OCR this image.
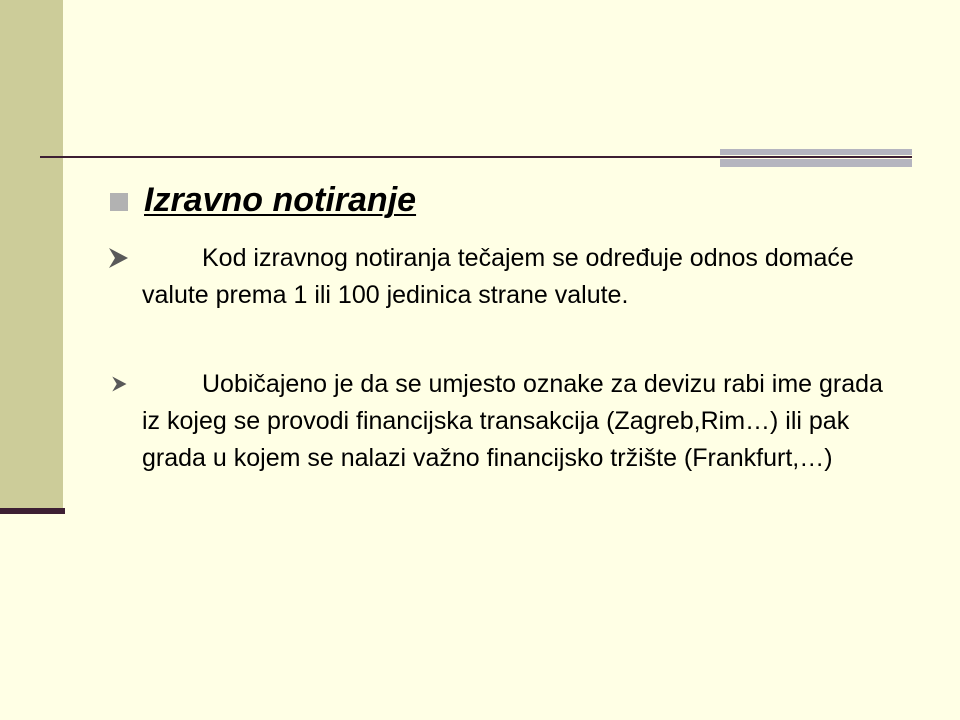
Izravno notiranje

Kod izravnog notiranja tečajem se određuje odnos domaće valute prema 1 ili 100 jedinica strane valute.

Uobičajeno je da se umjesto oznake za devizu rabi ime grada iz kojeg se provodi financijska transakcija (Zagreb,Rim…) ili pak grada u kojem se nalazi važno financijsko tržište (Frankfurt,…)
